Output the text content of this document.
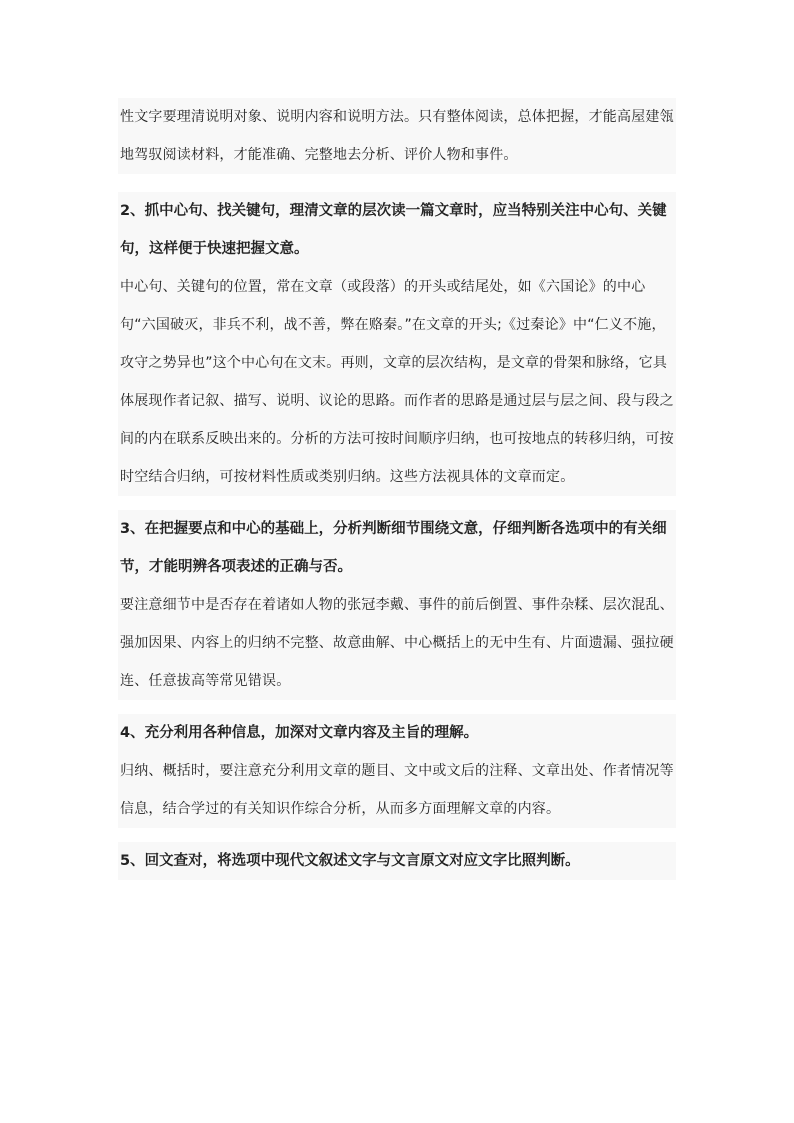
性文字要理清说明对象、说明内容和说明方法。只有整体阅读，总体把握，才能高屋建瓴地驾驭阅读材料，才能准确、完整地去分析、评价人物和事件。

2、抓中心句、找关键句，理清文章的层次读一篇文章时，应当特别关注中心句、关键句，这样便于快速把握文意。

中心句、关键句的位置，常在文章（或段落）的开头或结尾处，如《六国论》的中心句“六国破灭，非兵不利，战不善，弊在赂秦。”在文章的开头;《过秦论》中“仁义不施，攻守之势异也”这个中心句在文末。再则，文章的层次结构，是文章的骨架和脉络，它具体展现作者记叙、描写、说明、议论的思路。而作者的思路是通过层与层之间、段与段之间的内在联系反映出来的。分析的方法可按时间顺序归纳，也可按地点的转移归纳，可按时空结合归纳，可按材料性质或类别归纳。这些方法视具体的文章而定。

3、在把握要点和中心的基础上，分析判断细节围绕文意，仔细判断各选项中的有关细节，才能明辨各项表述的正确与否。

要注意细节中是否存在着诸如人物的张冠李戴、事件的前后倒置、事件杂糅、层次混乱、强加因果、内容上的归纳不完整、故意曲解、中心概括上的无中生有、片面遗漏、强拉硬连、任意拔高等常见错误。

4、充分利用各种信息，加深对文章内容及主旨的理解。

归纳、概括时，要注意充分利用文章的题目、文中或文后的注释、文章出处、作者情况等信息，结合学过的有关知识作综合分析，从而多方面理解文章的内容。

5、回文查对，将选项中现代文叙述文字与文言原文对应文字比照判断。
